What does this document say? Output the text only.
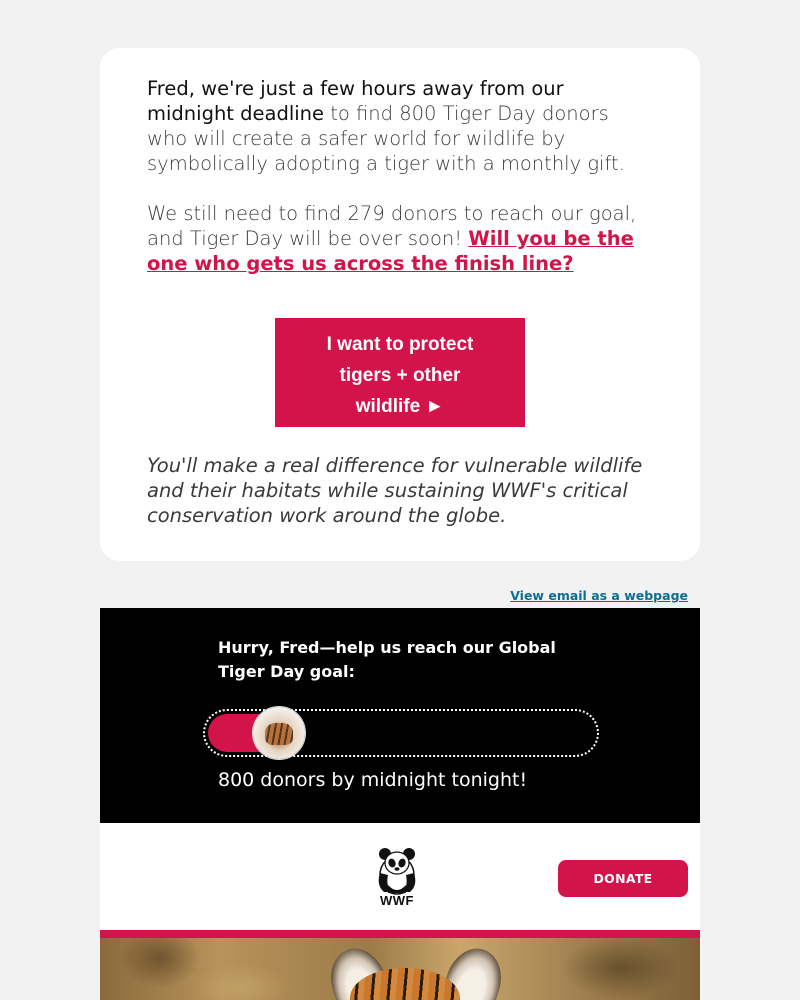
Fred, we're just a few hours away from our midnight deadline to find 800 Tiger Day donors who will create a safer world for wildlife by symbolically adopting a tiger with a monthly gift.

We still need to find 279 donors to reach our goal, and Tiger Day will be over soon! Will you be the one who gets us across the finish line?

I want to protect
tigers + other
wildlife ►

You'll make a real difference for vulnerable wildlife and their habitats while sustaining WWF's critical conservation work around the globe.

View email as a webpage

Hurry, Fred—help us reach our Global Tiger Day goal:

800 donors by midnight tonight!

WWF
DONATE
